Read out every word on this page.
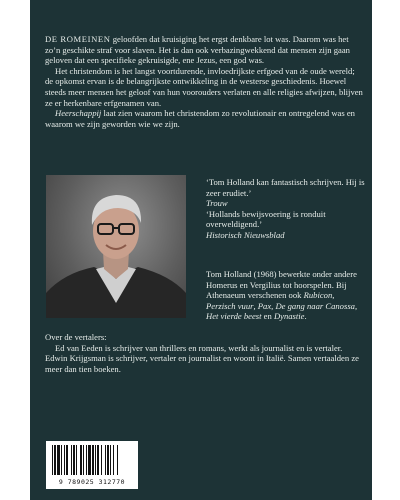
DE ROMEINEN geloofden dat kruisiging het ergst denkbare lot was. Daarom was het zo’n geschikte straf voor slaven. Het is dan ook verbazingwekkend dat mensen zijn gaan geloven dat een specifieke gekruisigde, ene Jezus, een god was.

Het christendom is het langst voortdurende, invloedrijkste erfgoed van de oude wereld; de opkomst ervan is de belangrijkste ontwikkeling in de westerse geschiedenis. Hoewel steeds meer mensen het geloof van hun voorouders verlaten en alle religies afwijzen, blijven ze er herkenbare erfgenamen van.

Heerschappij laat zien waarom het christendom zo revolutionair en ontregelend was en waarom we zijn geworden wie we zijn.

‘Tom Holland kan fantastisch schrijven. Hij is zeer erudiet.’

Trouw

‘Hollands bewijsvoering is ronduit overweldigend.’

Historisch Nieuwsblad

Tom Holland (1968) bewerkte onder andere Homerus en Vergilius tot hoorspelen. Bij Athenaeum verschenen ook Rubicon, Perzisch vuur, Pax, De gang naar Canossa, Het vierde beest en Dynastie.

Over de vertalers:

Ed van Eeden is schrijver van thrillers en romans, werkt als journalist en is vertaler. Edwin Krijgsman is schrijver, vertaler en journalist en woont in Italië. Samen vertaalden ze meer dan tien boeken.

9 789025 312770
